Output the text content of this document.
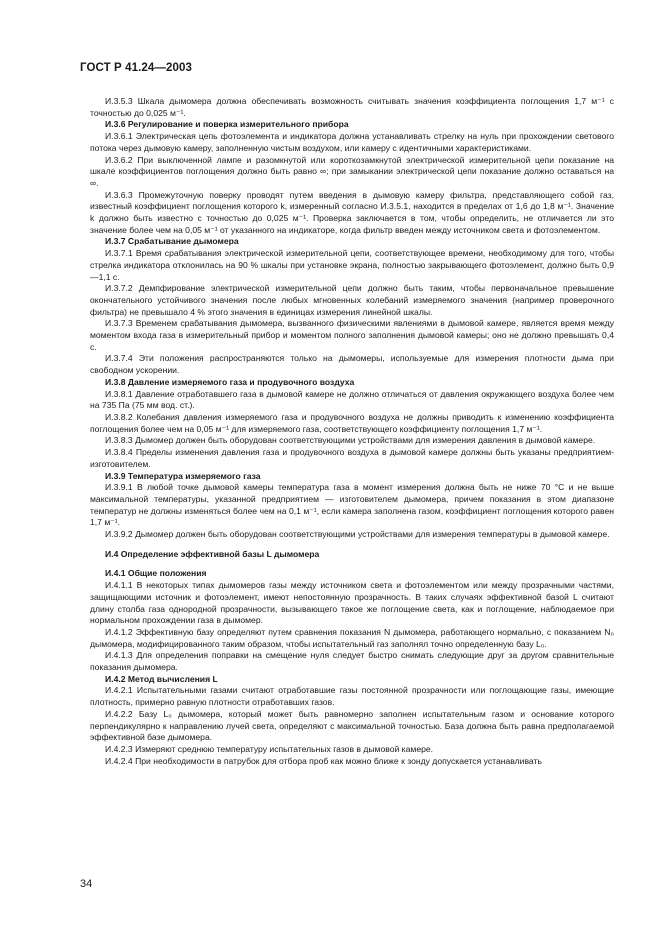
ГОСТ Р 41.24—2003

И.3.5.3 Шкала дымомера должна обеспечивать возможность считывать значения коэффициента поглощения 1,7 м⁻¹ с точностью до 0,025 м⁻¹.

И.3.6 Регулирование и поверка измерительного прибора

И.3.6.1 Электрическая цепь фотоэлемента и индикатора должна устанавливать стрелку на нуль при прохождении светового потока через дымовую камеру, заполненную чистым воздухом, или камеру с идентичными характеристиками.

И.3.6.2 При выключенной лампе и разомкнутой или короткозамкнутой электрической измерительной цепи показание на шкале коэффициентов поглощения должно быть равно ∞; при замыкании электрической цепи показание должно оставаться на ∞.

И.3.6.3 Промежуточную поверку проводят путем введения в дымовую камеру фильтра, представляющего собой газ, известный коэффициент поглощения которого k, измеренный согласно И.3.5.1, находится в пределах от 1,6 до 1,8 м⁻¹. Значение k должно быть известно с точностью до 0,025 м⁻¹. Проверка заключается в том, чтобы определить, не отличается ли это значение более чем на 0,05 м⁻¹ от указанного на индикаторе, когда фильтр введен между источником света и фотоэлементом.

И.3.7 Срабатывание дымомера

И.3.7.1 Время срабатывания электрической измерительной цепи, соответствующее времени, необходимому для того, чтобы стрелка индикатора отклонилась на 90 % шкалы при установке экрана, полностью закрывающего фотоэлемент, должно быть 0,9—1,1 с.

И.3.7.2 Демпфирование электрической измерительной цепи должно быть таким, чтобы первоначальное превышение окончательного устойчивого значения после любых мгновенных колебаний измеряемого значения (например проверочного фильтра) не превышало 4 % этого значения в единицах измерения линейной шкалы.

И.3.7.3 Временем срабатывания дымомера, вызванного физическими явлениями в дымовой камере, является время между моментом входа газа в измерительный прибор и моментом полного заполнения дымовой камеры; оно не должно превышать 0,4 с.

И.3.7.4 Эти положения распространяются только на дымомеры, используемые для измерения плотности дыма при свободном ускорении.

И.3.8 Давление измеряемого газа и продувочного воздуха

И.3.8.1 Давление отработавшего газа в дымовой камере не должно отличаться от давления окружающего воздуха более чем на 735 Па (75 мм вод. ст.).

И.3.8.2 Колебания давления измеряемого газа и продувочного воздуха не должны приводить к изменению коэффициента поглощения более чем на 0,05 м⁻¹ для измеряемого газа, соответствующего коэффициенту поглощения 1,7 м⁻¹.

И.3.8.3 Дымомер должен быть оборудован соответствующими устройствами для измерения давления в дымовой камере.

И.3.8.4 Пределы изменения давления газа и продувочного воздуха в дымовой камере должны быть указаны предприятием-изготовителем.

И.3.9 Температура измеряемого газа

И.3.9.1 В любой точке дымовой камеры температура газа в момент измерения должна быть не ниже 70 °C и не выше максимальной температуры, указанной предприятием — изготовителем дымомера, причем показания в этом диапазоне температур не должны изменяться более чем на 0,1 м⁻¹, если камера заполнена газом, коэффициент поглощения которого равен 1,7 м⁻¹.

И.3.9.2 Дымомер должен быть оборудован соответствующими устройствами для измерения температуры в дымовой камере.

И.4 Определение эффективной базы L дымомера

И.4.1 Общие положения

И.4.1.1 В некоторых типах дымомеров газы между источником света и фотоэлементом или между прозрачными частями, защищающими источник и фотоэлемент, имеют непостоянную прозрачность. В таких случаях эффективной базой L считают длину столба газа однородной прозрачности, вызывающего такое же поглощение света, как и поглощение, наблюдаемое при нормальном прохождении газа в дымомер.

И.4.1.2 Эффективную базу определяют путем сравнения показания N дымомера, работающего нормально, с показанием N₀ дымомера, модифицированного таким образом, чтобы испытательный газ заполнял точно определенную базу L₀.

И.4.1.3 Для определения поправки на смещение нуля следует быстро снимать следующие друг за другом сравнительные показания дымомера.

И.4.2 Метод вычисления L

И.4.2.1 Испытательными газами считают отработавшие газы постоянной прозрачности или поглощающие газы, имеющие плотность, примерно равную плотности отработавших газов.

И.4.2.2 Базу L₀ дымомера, который может быть равномерно заполнен испытательным газом и основание которого перпендикулярно к направлению лучей света, определяют с максимальной точностью. База должна быть равна предполагаемой эффективной базе дымомера.

И.4.2.3 Измеряют среднюю температуру испытательных газов в дымовой камере.

И.4.2.4 При необходимости в патрубок для отбора проб как можно ближе к зонду допускается устанавливать

34
